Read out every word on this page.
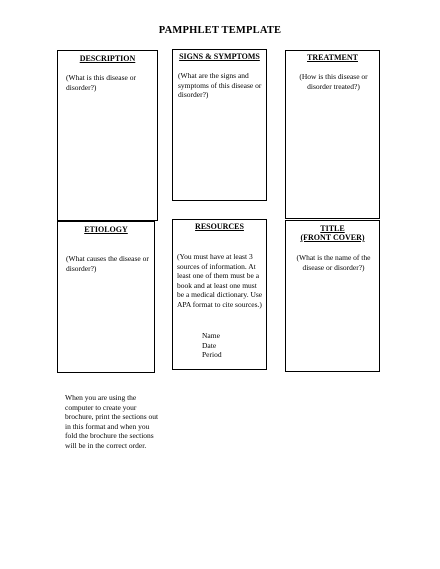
PAMPHLET TEMPLATE
DESCRIPTION
(What is this disease or disorder?)
SIGNS & SYMPTOMS
(What are the signs and symptoms of this disease or disorder?)
TREATMENT
(How is this disease or disorder treated?)
ETIOLOGY
(What causes the disease or disorder?)
RESOURCES
(You must have at least 3 sources of information. At least one of them must be a book and at least one must be a medical dictionary. Use APA format to cite sources.)
Name
Date
Period
TITLE
(FRONT COVER)
(What is the name of the disease or disorder?)
When you are using the computer to create your brochure, print the sections out in this format and when you fold the brochure the sections will be in the correct order.
